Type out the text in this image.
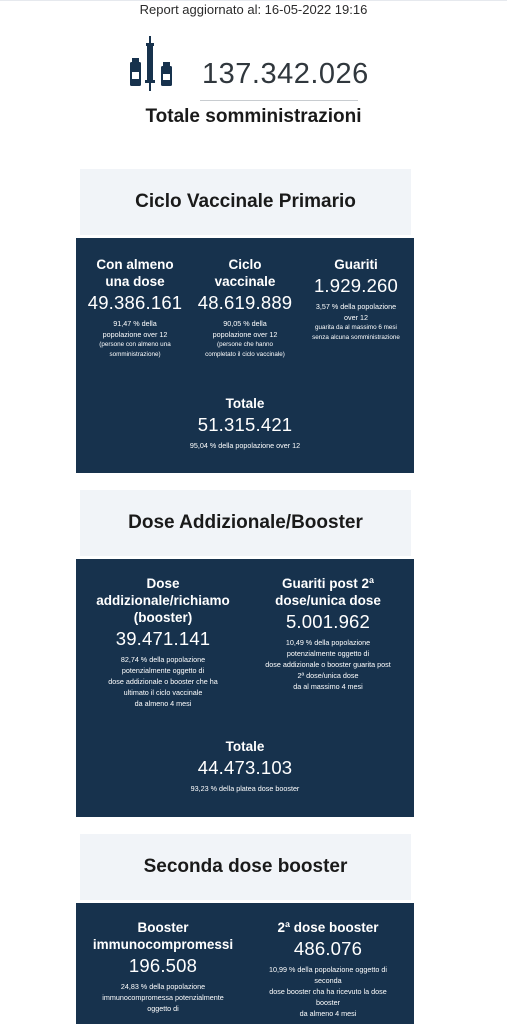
Report aggiornato al: 16-05-2022 19:16
137.342.026
Totale somministrazioni
Ciclo Vaccinale Primario
Con almeno
una dose
49.386.161
91,47 % della
popolazione over 12
(persone con almeno una
somministrazione)
Ciclo
vaccinale
48.619.889
90,05 % della
popolazione over 12
(persone che hanno
completato il ciclo vaccinale)
Guariti
1.929.260
3,57 % della popolazione
over 12
guarita da al massimo 6 mesi
senza alcuna somministrazione
Totale
51.315.421
95,04 % della popolazione over 12
Dose Addizionale/Booster
Dose
addizionale/richiamo
(booster)
39.471.141
82,74 % della popolazione
potenzialmente oggetto di
dose addizionale o booster che ha
ultimato il ciclo vaccinale
da almeno 4 mesi
Guariti post 2ª
dose/unica dose
5.001.962
10,49 % della popolazione
potenzialmente oggetto di
dose addizionale o booster guarita post
2ª dose/unica dose
da al massimo 4 mesi
Totale
44.473.103
93,23 % della platea dose booster
Seconda dose booster
Booster
immunocompromessi
196.508
24,83 % della popolazione
immunocompromessa potenzialmente
oggetto di
2ª dose booster
486.076
10,99 % della popolazione oggetto di
seconda
dose booster cha ha ricevuto la dose
booster
da almeno 4 mesi
